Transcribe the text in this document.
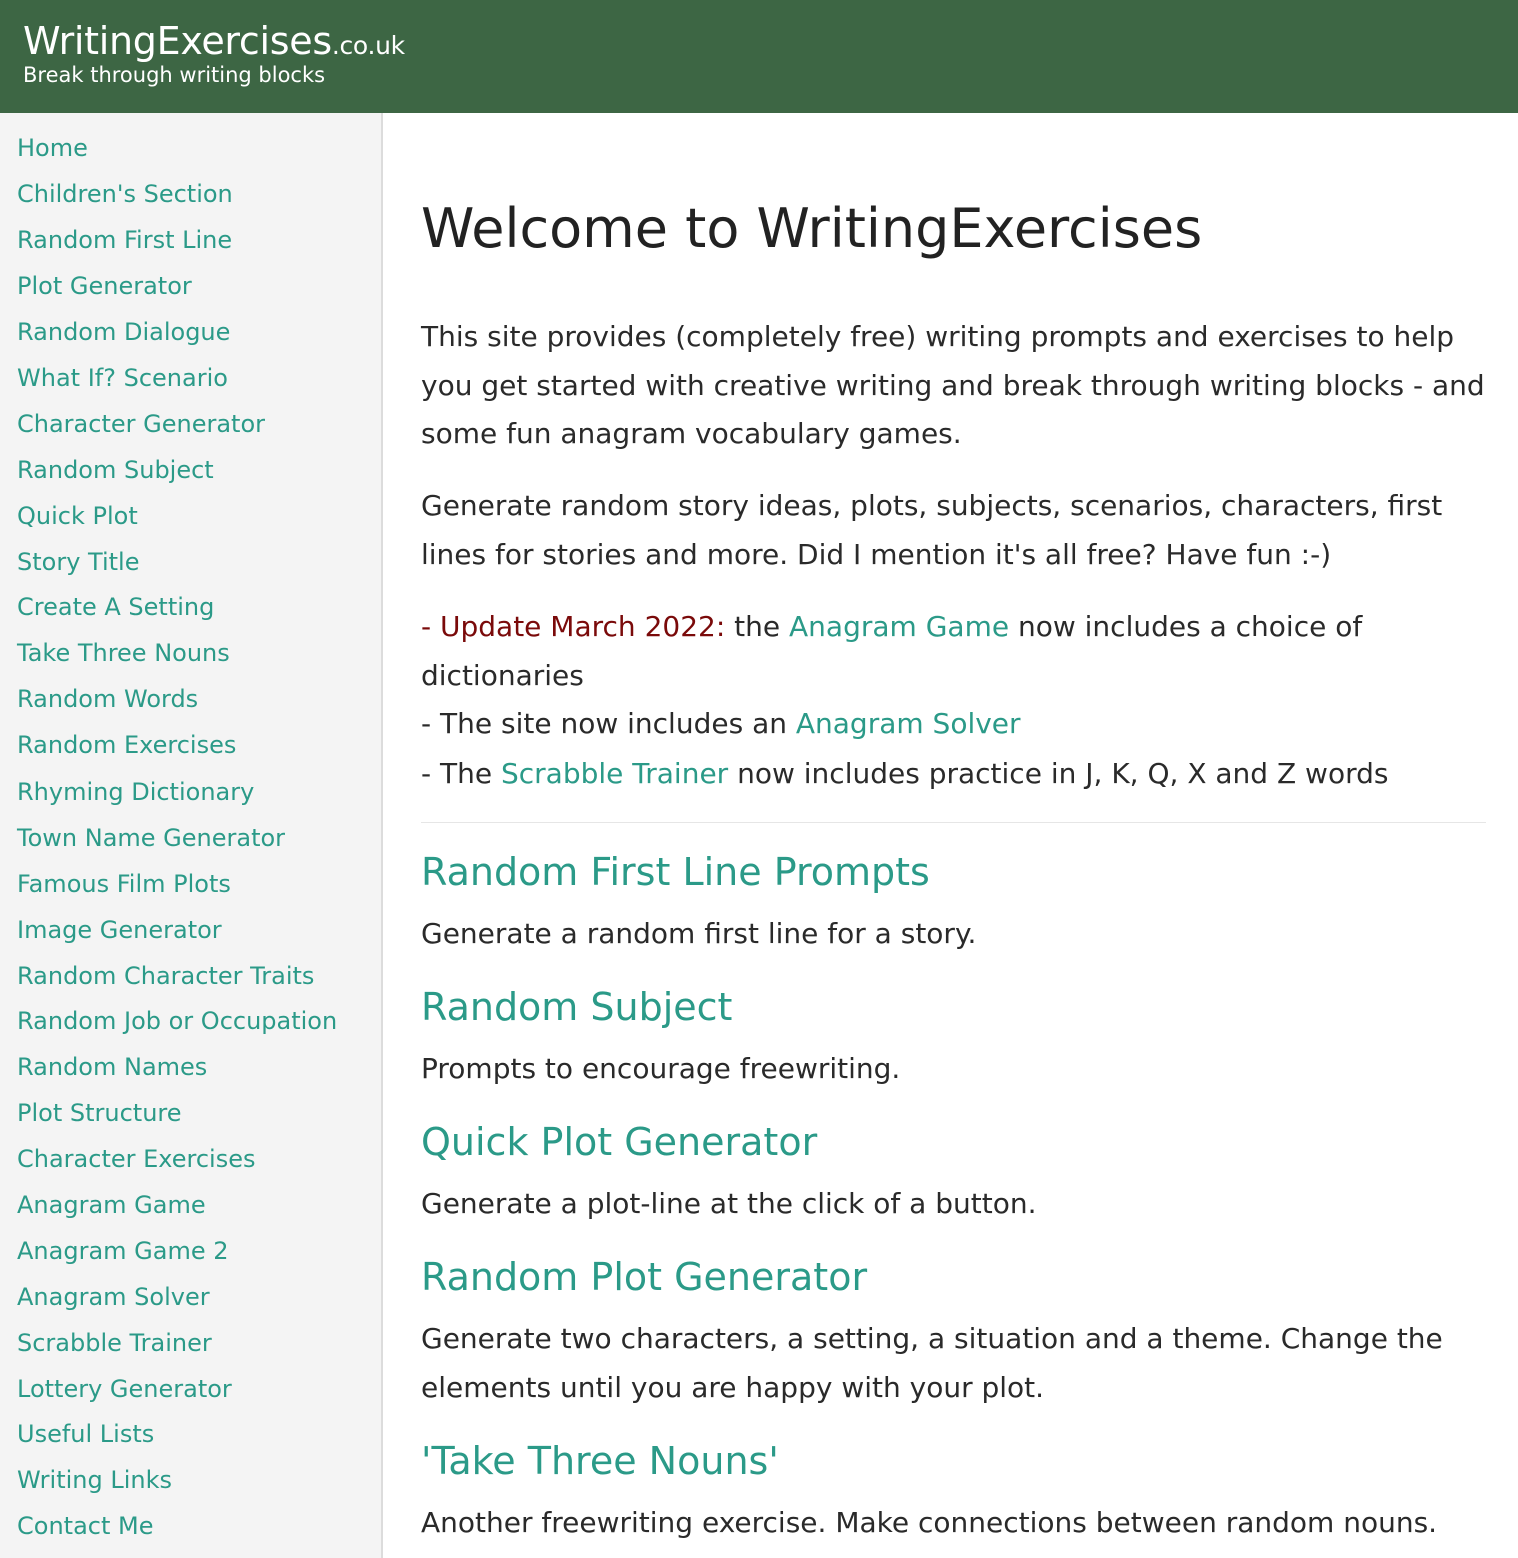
WritingExercises.co.uk
Break through writing blocks
Home
Children's Section
Random First Line
Plot Generator
Random Dialogue
What If? Scenario
Character Generator
Random Subject
Quick Plot
Story Title
Create A Setting
Take Three Nouns
Random Words
Random Exercises
Rhyming Dictionary
Town Name Generator
Famous Film Plots
Image Generator
Random Character Traits
Random Job or Occupation
Random Names
Plot Structure
Character Exercises
Anagram Game
Anagram Game 2
Anagram Solver
Scrabble Trainer
Lottery Generator
Useful Lists
Writing Links
Contact Me
Welcome to WritingExercises

This site provides (completely free) writing prompts and exercises to help you get started with creative writing and break through writing blocks - and some fun anagram vocabulary games.

Generate random story ideas, plots, subjects, scenarios, characters, first lines for stories and more. Did I mention it's all free? Have fun :-)

- Update March 2022: the Anagram Game now includes a choice of
dictionaries
- The site now includes an Anagram Solver
- The Scrabble Trainer now includes practice in J, K, Q, X and Z words
Random First Line Prompts

Generate a random first line for a story.

Random Subject

Prompts to encourage freewriting.

Quick Plot Generator

Generate a plot-line at the click of a button.

Random Plot Generator

Generate two characters, a setting, a situation and a theme. Change the elements until you are happy with your plot.

'Take Three Nouns'

Another freewriting exercise. Make connections between random nouns.
